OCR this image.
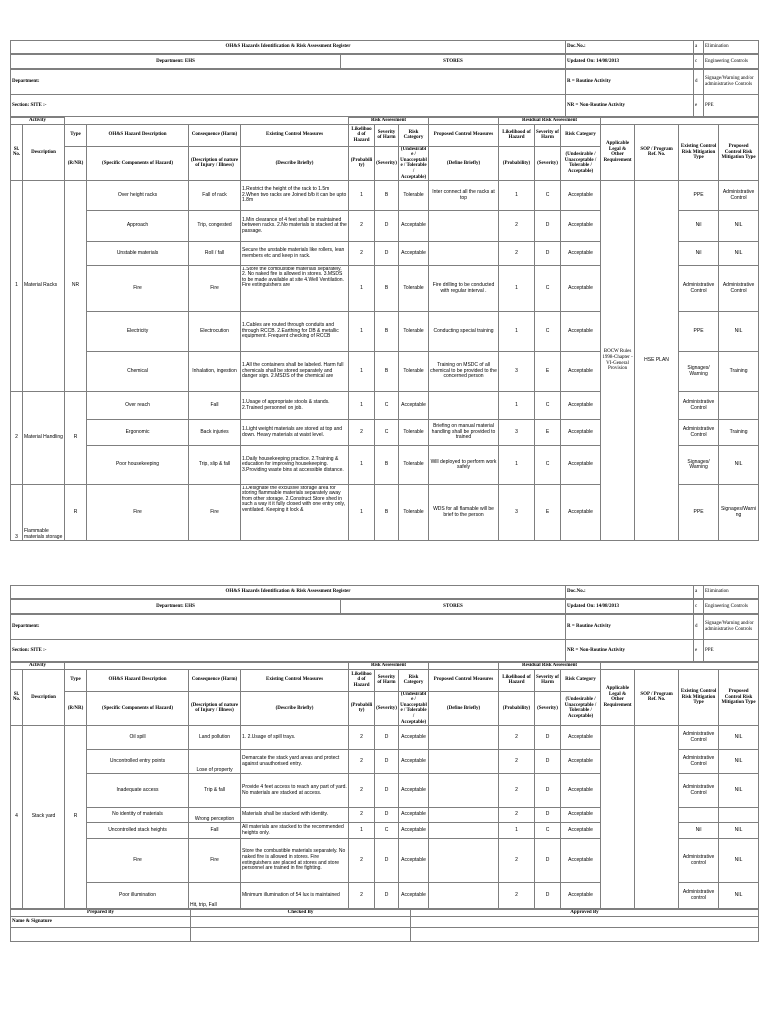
OH&S Hazards Identification & Risk Assessment Register	Doc.No.:	a	Elimination
Department: EHS	STORES	Updated On: 14/08/2013	c	Engineering Controls
Department:	R = Routine Activity	d	Signage/Warning and/or administrative Controls
Section: SITE :-	NR = Non-Routine Activity	e	PPE
Activity						Risk Assessment				Residual Risk Assessment						
Sl. No.	Description	Type	OH&S Hazard Description	Consequence (Harm)	Existing Control Measures	Likelihood of Hazard	Severity of Harm	Risk Category	Proposed Control Measures	Likelihood of Hazard	Severity of Harm	Risk Category	Applicable Legal & Other Requirement	SOP / Program Ref. No.	Existing Control Risk Mitigation Type	Proposed Control Risk Mitigation Type
		(R/NR)	(Specific Components of Hazard)	(Description of nature of Injury / Illness)	(Describe Briefly)	(Probability)	(Severity)	(Undesirable / Unacceptable / Tolerable / Acceptable)	(Define Briefly)	(Probability)	(Severity)	(Undesirable / Unacceptable / Tolerable / Acceptable)				
1	Material Racks	NR	Over height racks	Fall of rack	1.Restrict the height of the rack to 1.5m 2.When two racks are Joined b/b it can be upto 1.8m	1	B	Tolerable	Inter connect all the racks at top	1	C	Acceptable	BOCW Rules 1998-Chapter -VI-General Provision	HSE PLAN	PPE	Administrative Control
			Approach	Trip, congested	1.Min clearance of 4 feet shall be maintained between racks. 2.No materials is stacked at the passage.	2	D	Acceptable		2	D	Acceptable			Nil	NIL
			Unstable materials	Roll / fall	Secure the unstable materials like rollers, lean members etc and keep in rack.	2	D	Acceptable		2	D	Acceptable			Nil	NIL
			Fire	Fire	1.Store the combustible materials separately. 2. No naked fire is allowed in stores. 3.MSDS to be made available at site 4.Well Ventilation. Fire extinguishers are	1	B	Tolerable	Fire drilling to be conducted with regular interval .	1	C	Acceptable			Administrative Control	Administrative Control
			Electricity	Electrocution	1.Cables are routed through conduits and through RCCB. 2.Earthing for DB & metallic equipment. Frequent checking of RCCB	1	B	Tolerable	Conducting special training	1	C	Acceptable			PPE	NIL
			Chemical	Inhalation, ingestion	1.All the containers shall be labeled. Harm full chemicals shall be stored separately and danger sign. 2.MSDS of the chemical are	1	B	Tolerable	Training on MSDC of all chemical to be provided to the concerned person	3	E	Acceptable			Signages/ Warning	Training
2	Material Handling	R	Over reach	Fall	1.Usage of appropriate stools & stands. 2.Trained personnel on job.	1	C	Acceptable		1	C	Acceptable			Administrative Control	
			Ergonomic	Back injuries	1.Light weight materials are stored at top and down. Heavy materials at waist level.	2	C	Tolerable	Briefing on manual material handling shall be provided to trained	3	E	Acceptable			Administrative Control	Training
			Poor housekeeping	Trip, slip & fall	1.Daily housekeeping practice. 2.Training & education for improving housekeeping. 3.Providing waste bins at accessible distance.	1	B	Tolerable	Will deployed to perform work safely	1	C	Acceptable			Signages/ Warning	NIL
3	Flammable materials storage	R	Fire	Fire	1.Designate the exclusive storage area for storing flammable materials separately away from other storage. 2.Construct Store shed in such a way it it fully closed with one entry only, ventilated. Keeping it lock &	1	B	Tolerable	WDS for all flamable will be brief to the person	3	E	Acceptable			PPE	Signages/Warning
OH&S Hazards Identification & Risk Assessment Register	Doc.No.:	a	Elimination
Department: EHS	STORES	Updated On: 14/08/2013	c	Engineering Controls
Department:	R = Routine Activity	d	Signage/Warning and/or administrative Controls
Section: SITE :-	NR = Non-Routine Activity	e	PPE
Activity						Risk Assessment				Residual Risk Assessment						
Sl. No.	Description	Type	OH&S Hazard Description	Consequence (Harm)	Existing Control Measures	Likelihood of Hazard	Severity of Harm	Risk Category	Proposed Control Measures	Likelihood of Hazard	Severity of Harm	Risk Category	Applicable Legal & Other Requirement	SOP / Program Ref. No.	Existing Control Risk Mitigation Type	Proposed Control Risk Mitigation Type
		(R/NR)	(Specific Components of Hazard)	(Description of nature of Injury / Illness)	(Describe Briefly)	(Probability)	(Severity)	(Undesirable / Unacceptable / Tolerable / Acceptable)	(Define Briefly)	(Probability)	(Severity)	(Undesirable / Unacceptable / Tolerable / Acceptable)				
4	Stack yard	R	Oil spill	Land pollution	1. 2.Usage of spill trays.	2	D	Acceptable		2	D	Acceptable			Administrative Control	NIL
			Uncontrolled entry points	Lose of property	Demarcate the stack yard areas and protect against unauthorised entry.	2	D	Acceptable		2	D	Acceptable			Administrative Control	NIL
			Inadequate access	Trip & fall	Provide 4 feet access to reach any part of yard. No materials are stacked at access.	2	D	Acceptable		2	D	Acceptable			Administrative Control	NIL
			No identity of materials	Wrong perception	Materials shall be stacked with identity.	2	D	Acceptable		2	D	Acceptable				
			Uncontrolled stack heights	Fall	All materials are stacked to the recommended heights only.	1	C	Acceptable		1	C	Acceptable			Nil	NIL
			Fire	Fire	Store the combustible materials separately. No naked fire is allowed in stores. Fire extinguishers are placed at stores and store personnel are trained in fire fighting.	2	D	Acceptable		2	D	Acceptable			Administrative control	NIL
			Poor illumination	Hit, trip, Fall	Minimum illumination of 54 lux is maintained	2	D	Acceptable		2	D	Acceptable			Administrative control	NIL
Prepared By	Checked By	Approved By
Name & Signature		
